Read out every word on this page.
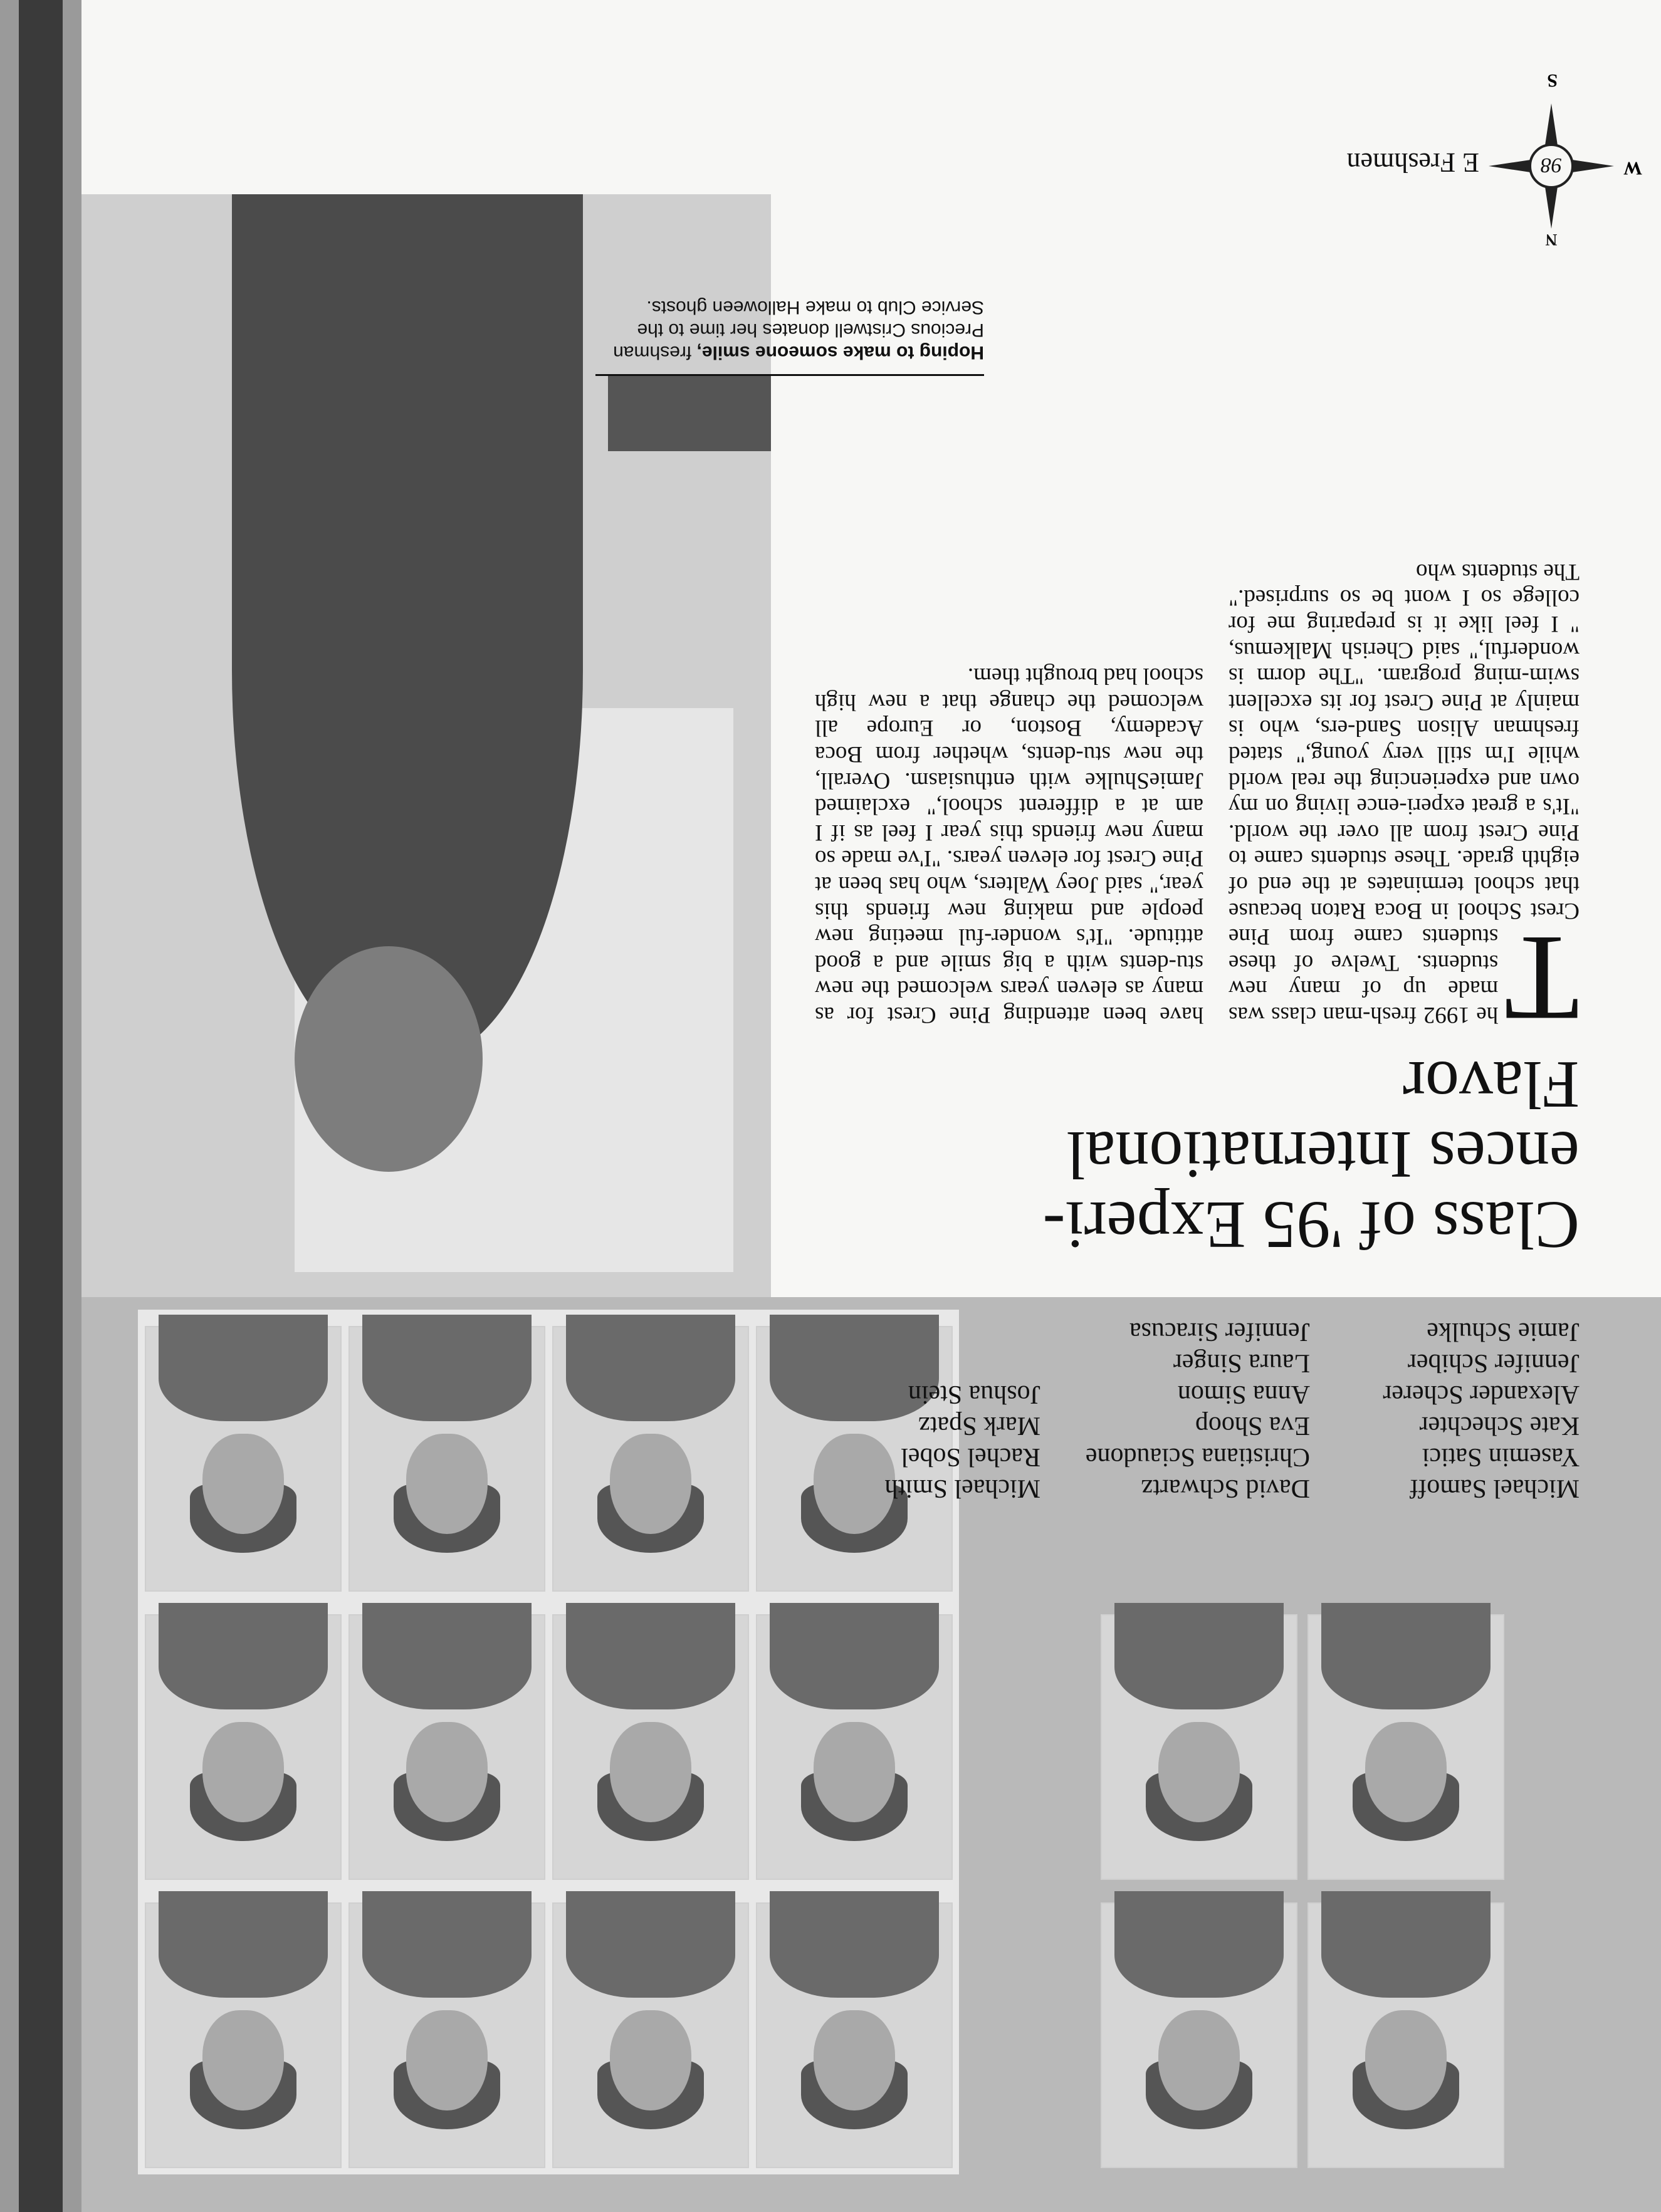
Michael Samoff
Yasemin Satici
Kate Schechter
Alexander Scherer
Jennifer Schiber
Jamie Schulke
David Schwartz
Christiana Sciaudone
Eva Shoop
Anna Simon
Laura Singer
Jennifer Siracusa
Michael Smith
Rachel Sobel
Mark Spatz
Joshua Stein
Class of '95 Experi-
ences International
Flavor
T
he 1992 fresh-man class was made up of many new students. Twelve of these students came from Pine Crest School in Boca Raton because that school terminates at the end of eighth grade. These students came to Pine Crest from all over the world. "It's a great experi-ence living on my own and experiencing the real world while I'm still very young," stated freshman Alison Sand-ers, who is mainly at Pine Crest for its excellent swim-ming program. "The dorm is wonderful," said Cherish Malkemus, " I feel like it is preparing me for college so I wont be so surprised." The students who
have been attending Pine Crest for as many as eleven years welcomed the new stu-dents with a big smile and a good attitude. "It's wonder-ful meeting new people and making new friends this year," said Joey Walters, who has been at Pine Crest for eleven years. "I've made so many new friends this year I feel as if I am at a different school," exclaimed JamieShulke with enthusiasm. Overall, the new stu-dents, whether from Boca Academy, Boston, or Europe all welcomed the change that a new high school had brought them.
Hoping to make someone smile, freshman Precious Cristwell donates her time to the Service Club to make Halloween ghosts.
98
N
E Freshmen	W
S
